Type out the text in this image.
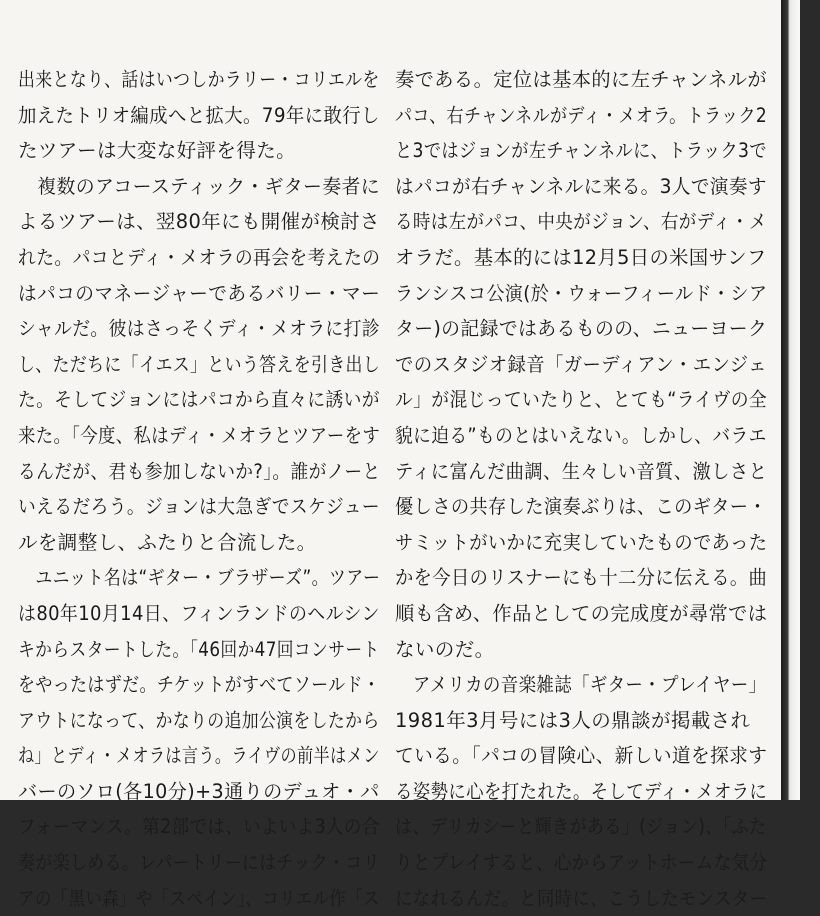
出来となり、話はいつしかラリー・コリエルを
加えたトリオ編成へと拡大。79年に敢行し
たツアーは大変な好評を得た。
　複数のアコースティック・ギター奏者に
よるツアーは、翌80年にも開催が検討さ
れた。パコとディ・メオラの再会を考えたの
はパコのマネージャーであるバリー・マー
シャルだ。彼はさっそくディ・メオラに打診
し、ただちに「イエス」という答えを引き出し
た。そしてジョンにはパコから直々に誘いが
来た。「今度、私はディ・メオラとツアーをす
るんだが、君も参加しないか?」。誰がノーと
いえるだろう。ジョンは大急ぎでスケジュー
ルを調整し、ふたりと合流した。
　ユニット名は“ギター・ブラザーズ”。ツアー
は80年10月14日、フィンランドのヘルシン
キからスタートした。「46回か47回コンサート
をやったはずだ。チケットがすべてソールド・
アウトになって、かなりの追加公演をしたから
ね」とディ・メオラは言う。ライヴの前半はメン
バーのソロ(各10分)+3通りのデュオ・パ
フォーマンス。第2部では、いよいよ3人の合
奏が楽しめる。レパートリーにはチック・コリ
アの「黒い森」や「スペイン」、コリエル作「ス
奏である。定位は基本的に左チャンネルが
パコ、右チャンネルがディ・メオラ。トラック2
と3ではジョンが左チャンネルに、トラック3で
はパコが右チャンネルに来る。3人で演奏す
る時は左がパコ、中央がジョン、右がディ・メ
オラだ。基本的には12月5日の米国サンフ
ランシスコ公演(於・ウォーフィールド・シア
ター)の記録ではあるものの、ニューヨーク
でのスタジオ録音「ガーディアン・エンジェ
ル」が混じっていたりと、とても“ライヴの全
貌に迫る”ものとはいえない。しかし、バラエ
ティに富んだ曲調、生々しい音質、激しさと
優しさの共存した演奏ぶりは、このギター・
サミットがいかに充実していたものであった
かを今日のリスナーにも十二分に伝える。曲
順も含め、作品としての完成度が尋常では
ないのだ。
　アメリカの音楽雑誌「ギター・プレイヤー」
1981年3月号には3人の鼎談が掲載され
ている。「パコの冒険心、新しい道を探求す
る姿勢に心を打たれた。そしてディ・メオラに
は、デリカシーと輝きがある」(ジョン)、「ふた
りとプレイすると、心からアットホームな気分
になれるんだ。と同時に、こうしたモンスター
